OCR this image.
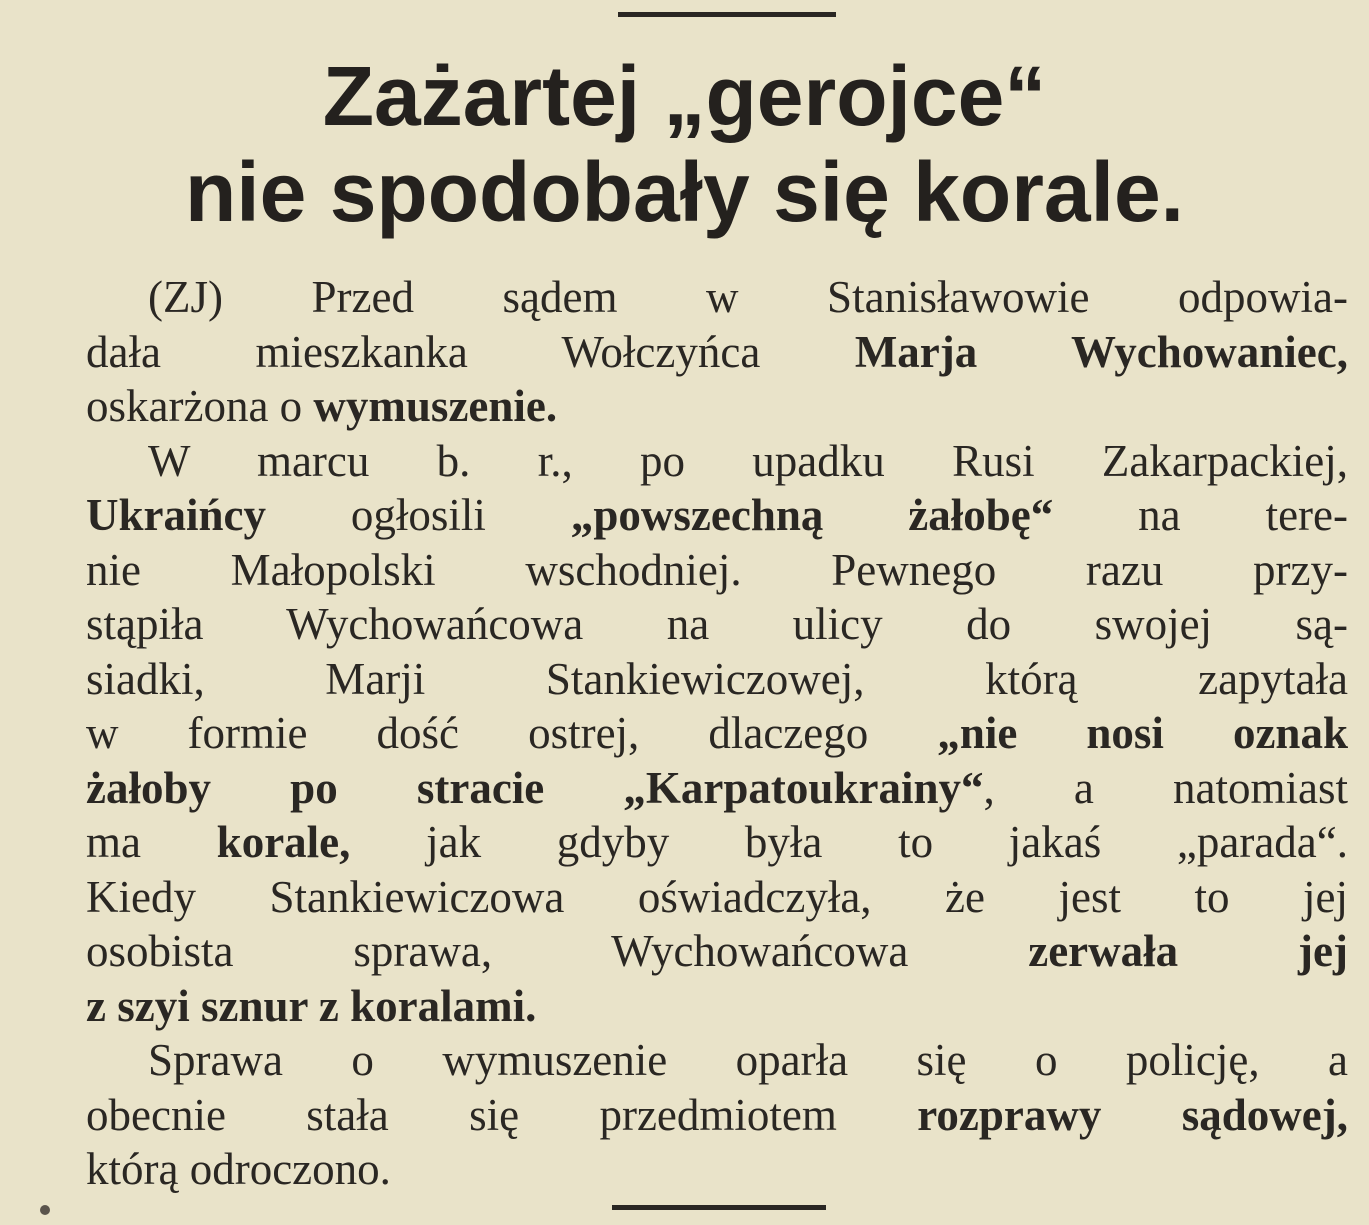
Zażartej „gerojce“
nie spodobały się korale.
(ZJ) Przed sądem w Stanisławowie odpowia-
dała mieszkanka Wołczyńca Marja Wychowaniec,
oskarżona o wymuszenie.
W marcu b. r., po upadku Rusi Zakarpackiej,
Ukraińcy ogłosili „powszechną żałobę“ na tere-
nie Małopolski wschodniej. Pewnego razu przy-
stąpiła Wychowańcowa na ulicy do swojej są-
siadki, Marji Stankiewiczowej, którą zapytała
w formie dość ostrej, dlaczego „nie nosi oznak
żałoby po stracie „Karpatoukrainy“, a natomiast
ma korale, jak gdyby była to jakaś „parada“.
Kiedy Stankiewiczowa oświadczyła, że jest to jej
osobista sprawa, Wychowańcowa zerwała jej
z szyi sznur z koralami.
Sprawa o wymuszenie oparła się o policję, a
obecnie stała się przedmiotem rozprawy sądowej,
którą odroczono.
